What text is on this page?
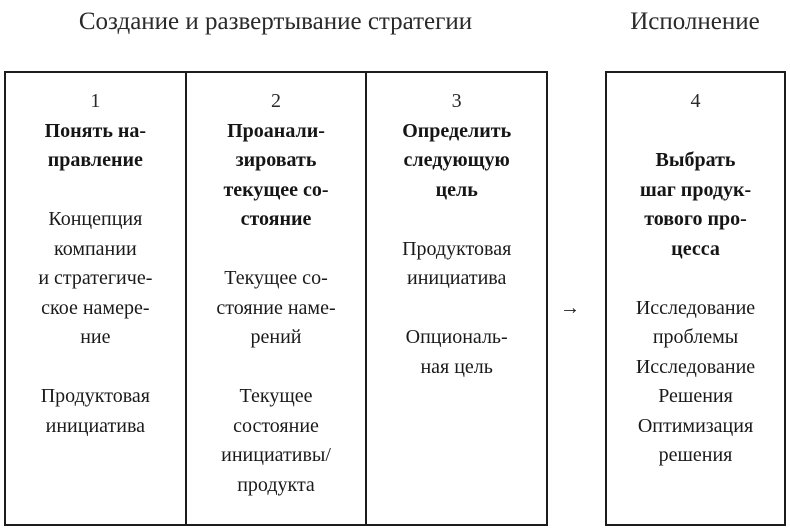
Создание и развертывание стратегии	Исполнение
1
Понять на-
правление
Концепция
компании
и стратегиче-
ское намере-
ние
Продуктовая
инициатива
2
Проанали-
зировать
текущее со-
стояние
Текущее со-
стояние наме-
рений
Текущее
состояние
инициативы/
продукта
3
Определить
следующую
цель
Продуктовая
инициатива
Опциональ-
ная цель
→
4
Выбрать
шаг продук-
тового про-
цесса
Исследование
проблемы
Исследование
Решения
Оптимизация
решения
